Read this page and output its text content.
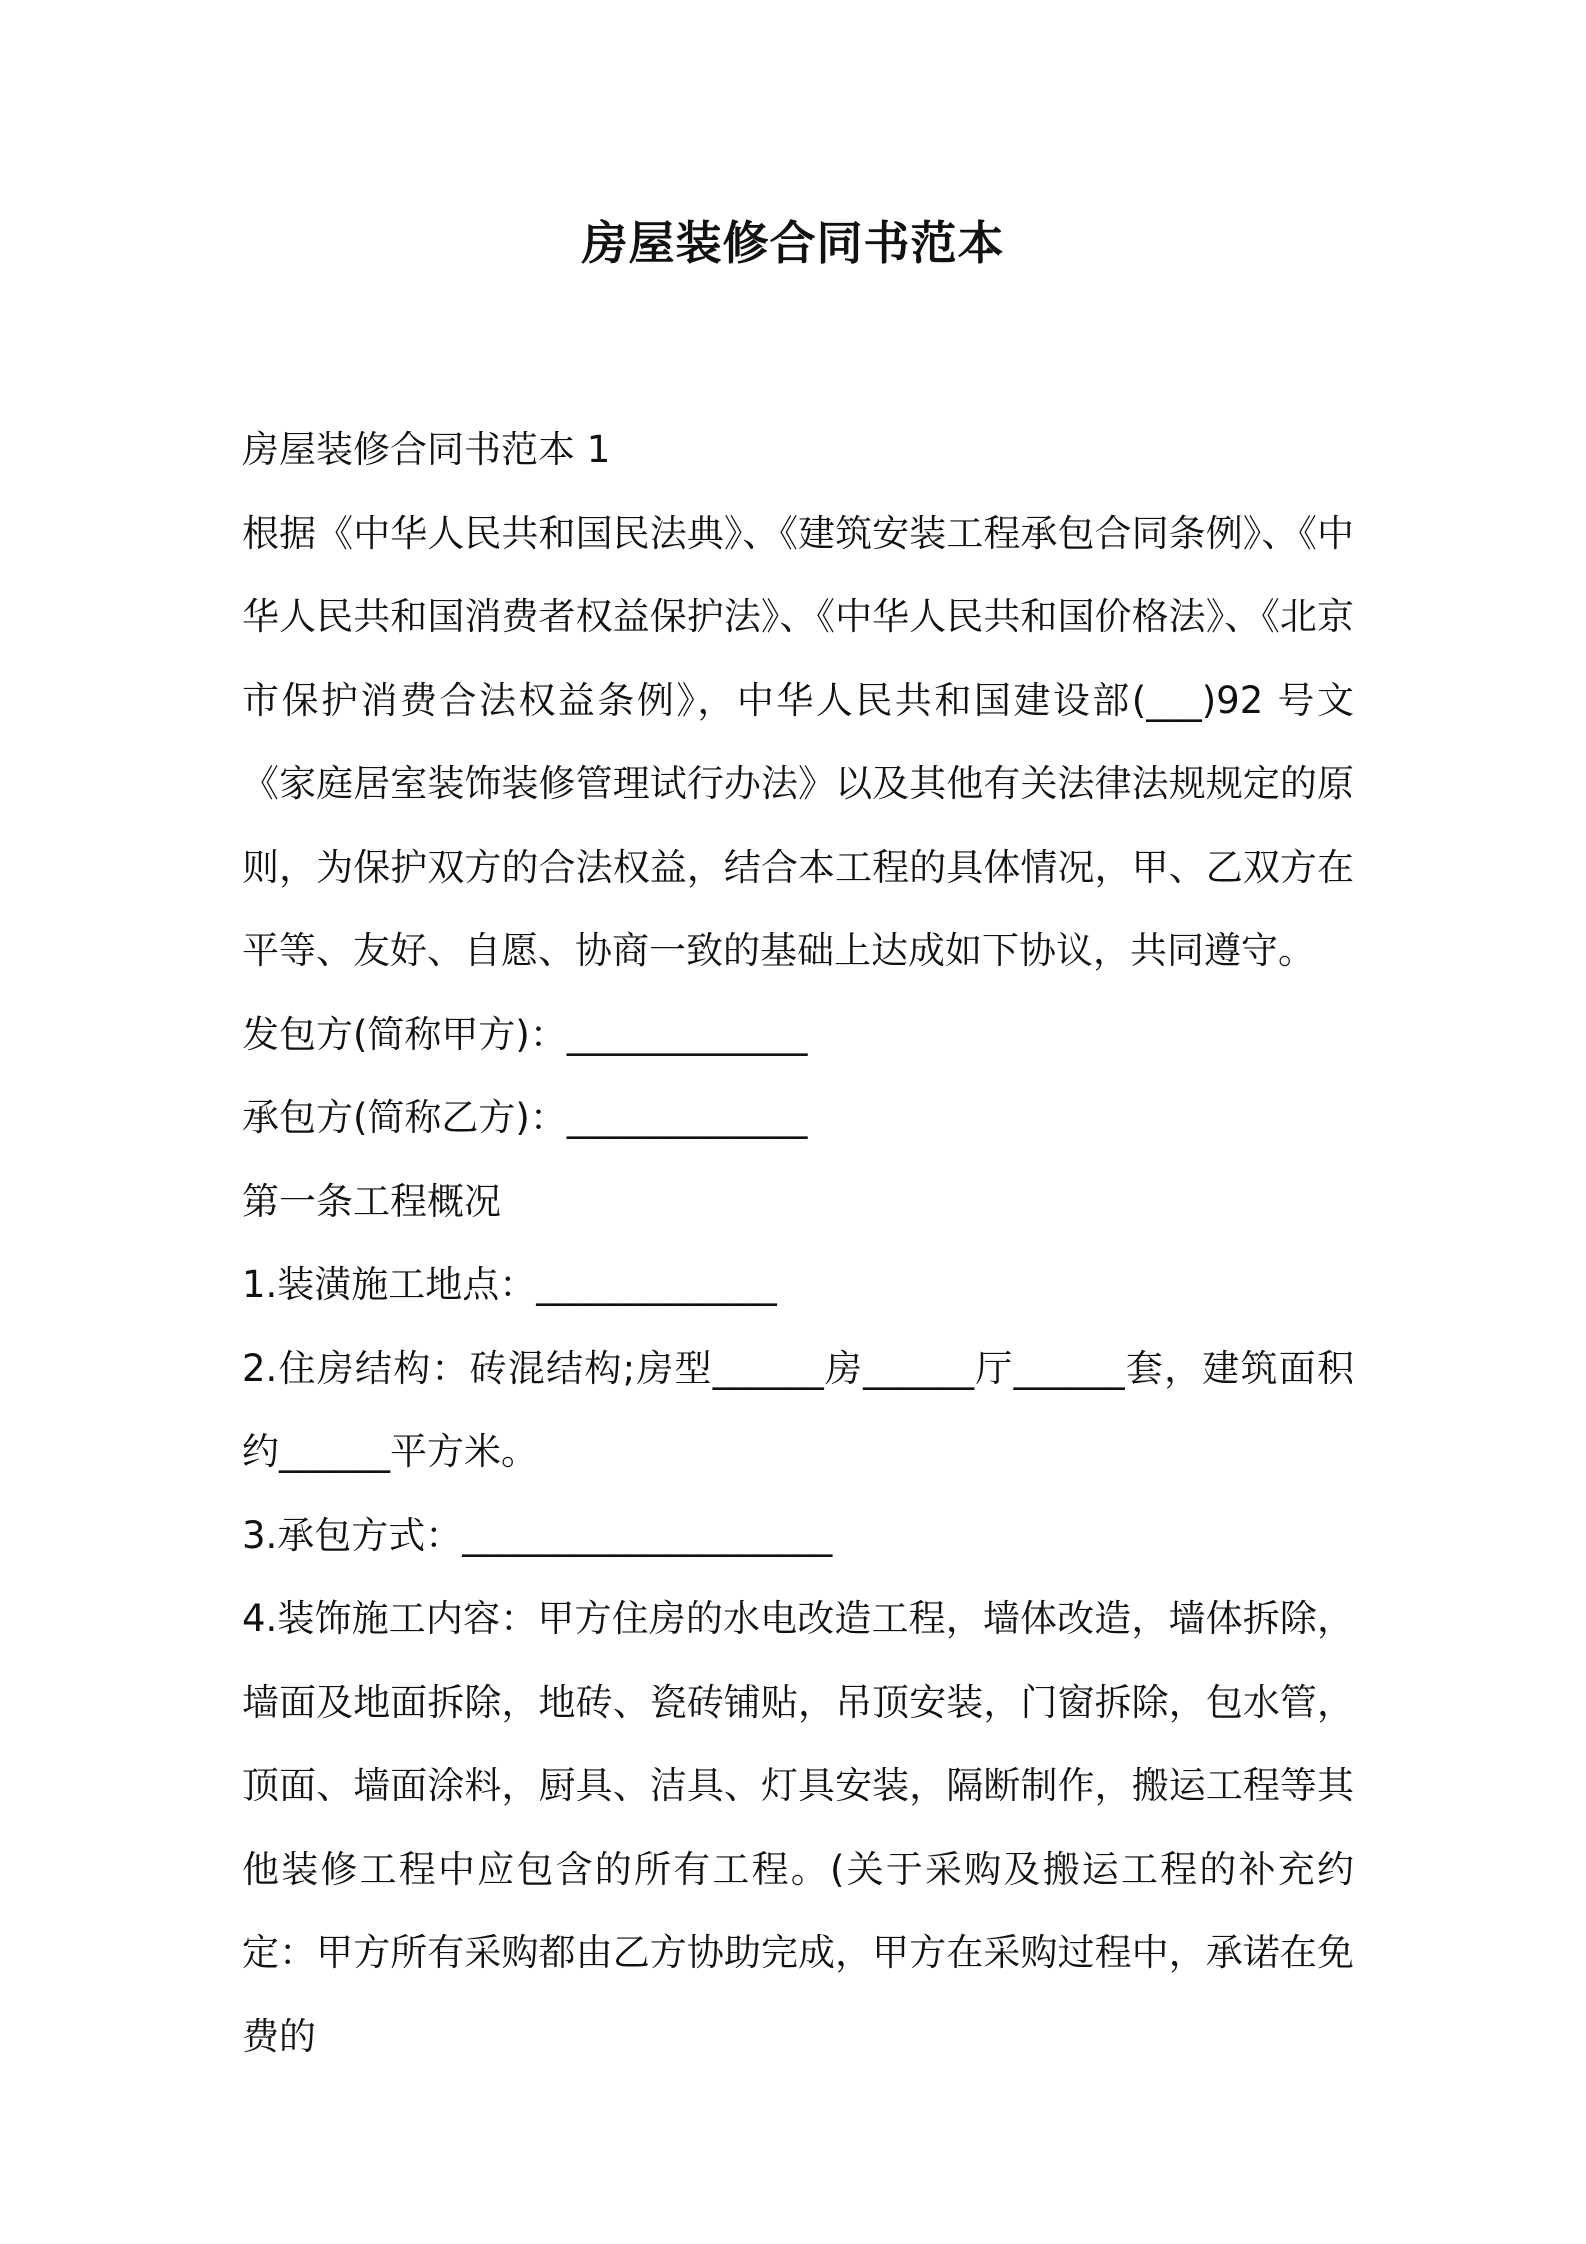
房屋装修合同书范本

房屋装修合同书范本 1

根据《中华人民共和国民法典》、《建筑安装工程承包合同条例》、《中华人民共和国消费者权益保护法》、《中华人民共和国价格法》、《北京市保护消费合法权益条例》，中华人民共和国建设部(___)92 号文《家庭居室装饰装修管理试行办法》以及其他有关法律法规规定的原则，为保护双方的合法权益，结合本工程的具体情况，甲、乙双方在平等、友好、自愿、协商一致的基础上达成如下协议，共同遵守。

发包方(简称甲方)：_____________

承包方(简称乙方)：_____________

第一条工程概况

1.装潢施工地点：_____________

2.住房结构：砖混结构;房型______房______厅______套，建筑面积约______平方米。

3.承包方式：____________________

4.装饰施工内容：甲方住房的水电改造工程，墙体改造，墙体拆除，墙面及地面拆除，地砖、瓷砖铺贴，吊顶安装，门窗拆除，包水管，顶面、墙面涂料，厨具、洁具、灯具安装，隔断制作，搬运工程等其他装修工程中应包含的所有工程。(关于采购及搬运工程的补充约定：甲方所有采购都由乙方协助完成，甲方在采购过程中，承诺在免费的
